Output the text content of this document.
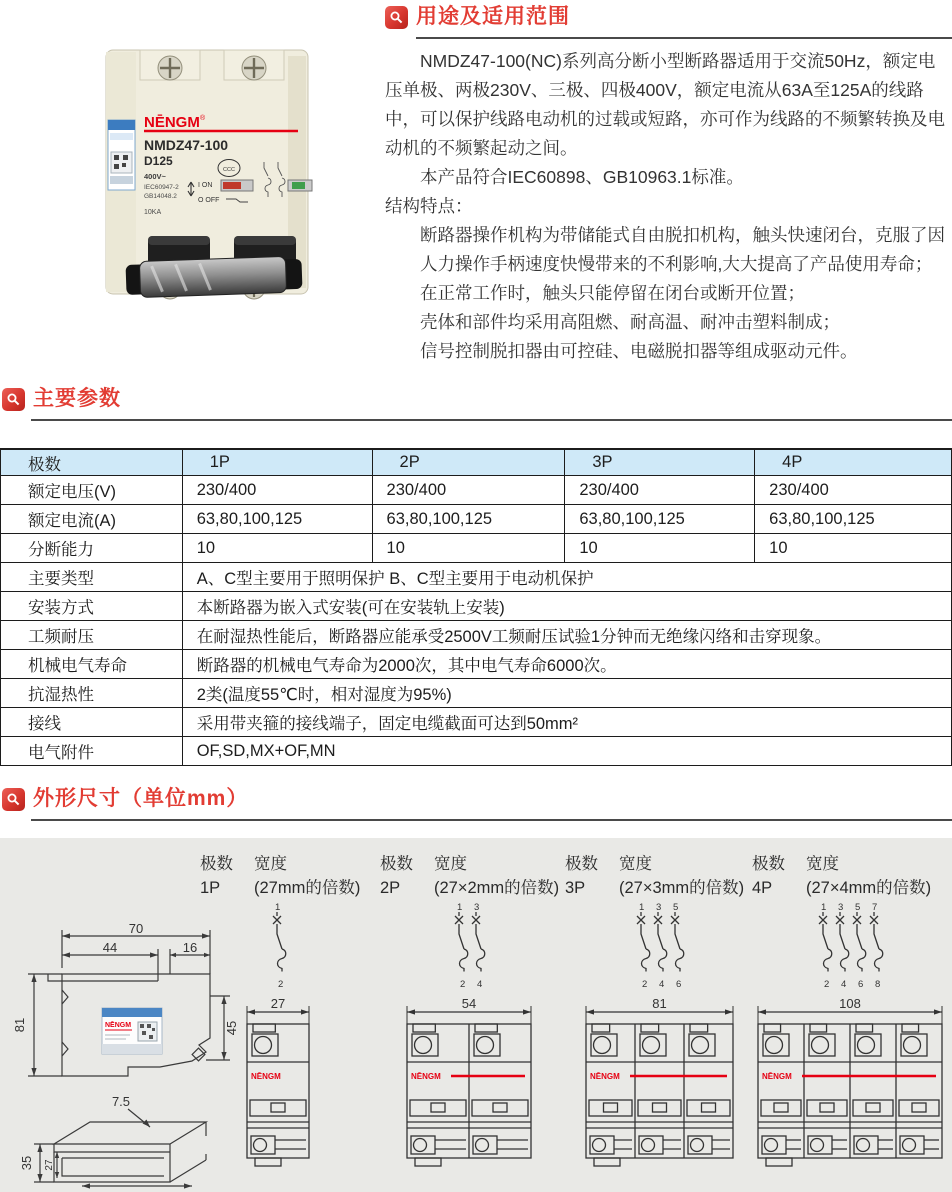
NĒNGM ®
NMDZ47-100
D125
400V~
IEC60947-2
GB14048.2
10KA
CCC
I ON
O OFF
用途及适用范围

NMDZ47-100(NC)系列高分断小型断路器适用于交流50Hz，额定电压单极、两极230V、三极、四极400V，额定电流从63A至125A的线路中，可以保护线路电动机的过载或短路，亦可作为线路的不频繁转换及电动机的不频繁起动之间。

本产品符合IEC60898、GB10963.1标准。

结构特点：

断路器操作机构为带储能式自由脱扣机构，触头快速闭台，克服了因人力操作手柄速度快慢带来的不利影响,大大提高了产品使用寿命；

在正常工作时，触头只能停留在闭台或断开位置；

壳体和部件均采用高阻燃、耐高温、耐冲击塑料制成；

信号控制脱扣器由可控硅、电磁脱扣器等组成驱动元件。

主要参数
极数	1P	2P	3P	4P
额定电压(V)	230/400	230/400	230/400	230/400
额定电流(A)	63,80,100,125	63,80,100,125	63,80,100,125	63,80,100,125
分断能力	10	10	10	10
主要类型	A、C型主要用于照明保护 B、C型主要用于电动机保护			
安装方式	本断路器为嵌入式安装(可在安装轨上安装)			
工频耐压	在耐湿热性能后，断路器应能承受2500V工频耐压试验1分钟而无绝缘闪络和击穿现象。			
机械电气寿命	断路器的机械电气寿命为2000次，其中电气寿命6000次。			
抗湿热性	2类(温度55℃时，相对湿度为95%)			
接线	采用带夹箍的接线端子，固定电缆截面可达到50mm²			
电气附件	OF,SD,MX+OF,MN			
外形尺寸（单位mm）
70
44	16
81	45
NĒNGM
7.5
35 27
极数 宽度
1P (27mm的倍数)
1
2
27
NĒNGM
极数 宽度
2P (27×2mm的倍数)
1
2
3
4
54
NĒNGM
极数 宽度
3P (27×3mm的倍数)
1
2
3
4
5
6
81
NĒNGM
极数 宽度
4P (27×4mm的倍数)
1
2
3
4
5
6
7
8
108
NĒNGM
